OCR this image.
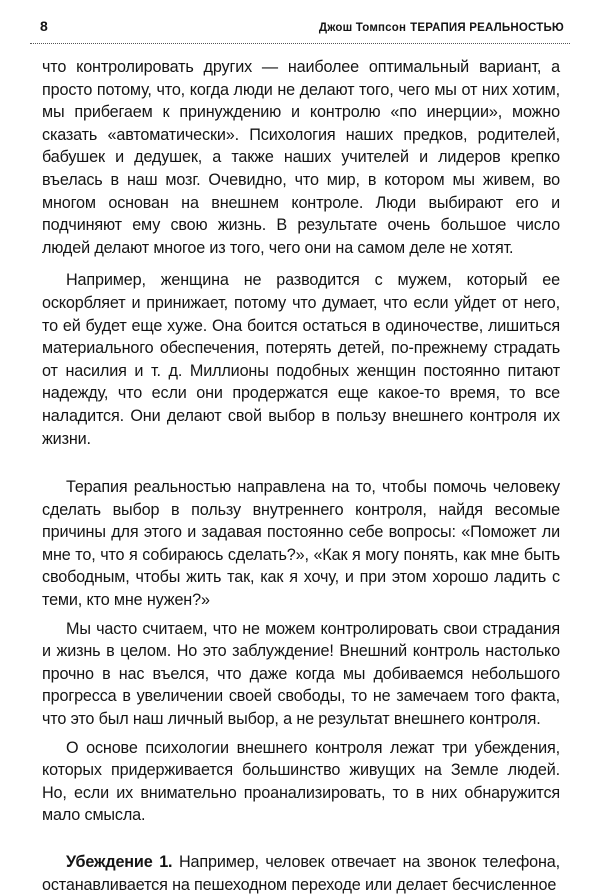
8	Джош Томпсон ТЕРАПИЯ РЕАЛЬНОСТЬЮ

что контролировать других — наиболее оптимальный вариант, а просто потому, что, когда люди не делают того, чего мы от них хотим, мы прибегаем к принуждению и контролю «по инерции», можно сказать «автоматически». Психология наших предков, родителей, бабушек и дедушек, а также наших учителей и лидеров крепко въелась в наш мозг. Очевидно, что мир, в котором мы живем, во многом основан на внешнем контроле. Люди выбирают его и подчиняют ему свою жизнь. В результате очень большое число людей делают многое из того, чего они на самом деле не хотят.

Например, женщина не разводится с мужем, который ее оскорбляет и принижает, потому что думает, что если уйдет от него, то ей будет еще хуже. Она боится остаться в одиночестве, лишиться материального обеспечения, потерять детей, по-прежнему страдать от насилия и т. д. Миллионы подобных женщин постоянно питают надежду, что если они продержатся еще какое-то время, то все наладится. Они делают свой выбор в пользу внешнего контроля их жизни.

Терапия реальностью направлена на то, чтобы помочь человеку сделать выбор в пользу внутреннего контроля, найдя весомые причины для этого и задавая постоянно себе вопросы: «Поможет ли мне то, что я собираюсь сделать?», «Как я могу понять, как мне быть свободным, чтобы жить так, как я хочу, и при этом хорошо ладить с теми, кто мне нужен?»

Мы часто считаем, что не можем контролировать свои страдания и жизнь в целом. Но это заблуждение! Внешний контроль настолько прочно в нас въелся, что даже когда мы добиваемся небольшого прогресса в увеличении своей свободы, то не замечаем того факта, что это был наш личный выбор, а не результат внешнего контроля.

О основе психологии внешнего контроля лежат три убеждения, которых придерживается большинство живущих на Земле людей. Но, если их внимательно проанализировать, то в них обнаружится мало смысла.

Убеждение 1. Например, человек отвечает на звонок телефона, останавливается на пешеходном переходе или делает бесчисленное
